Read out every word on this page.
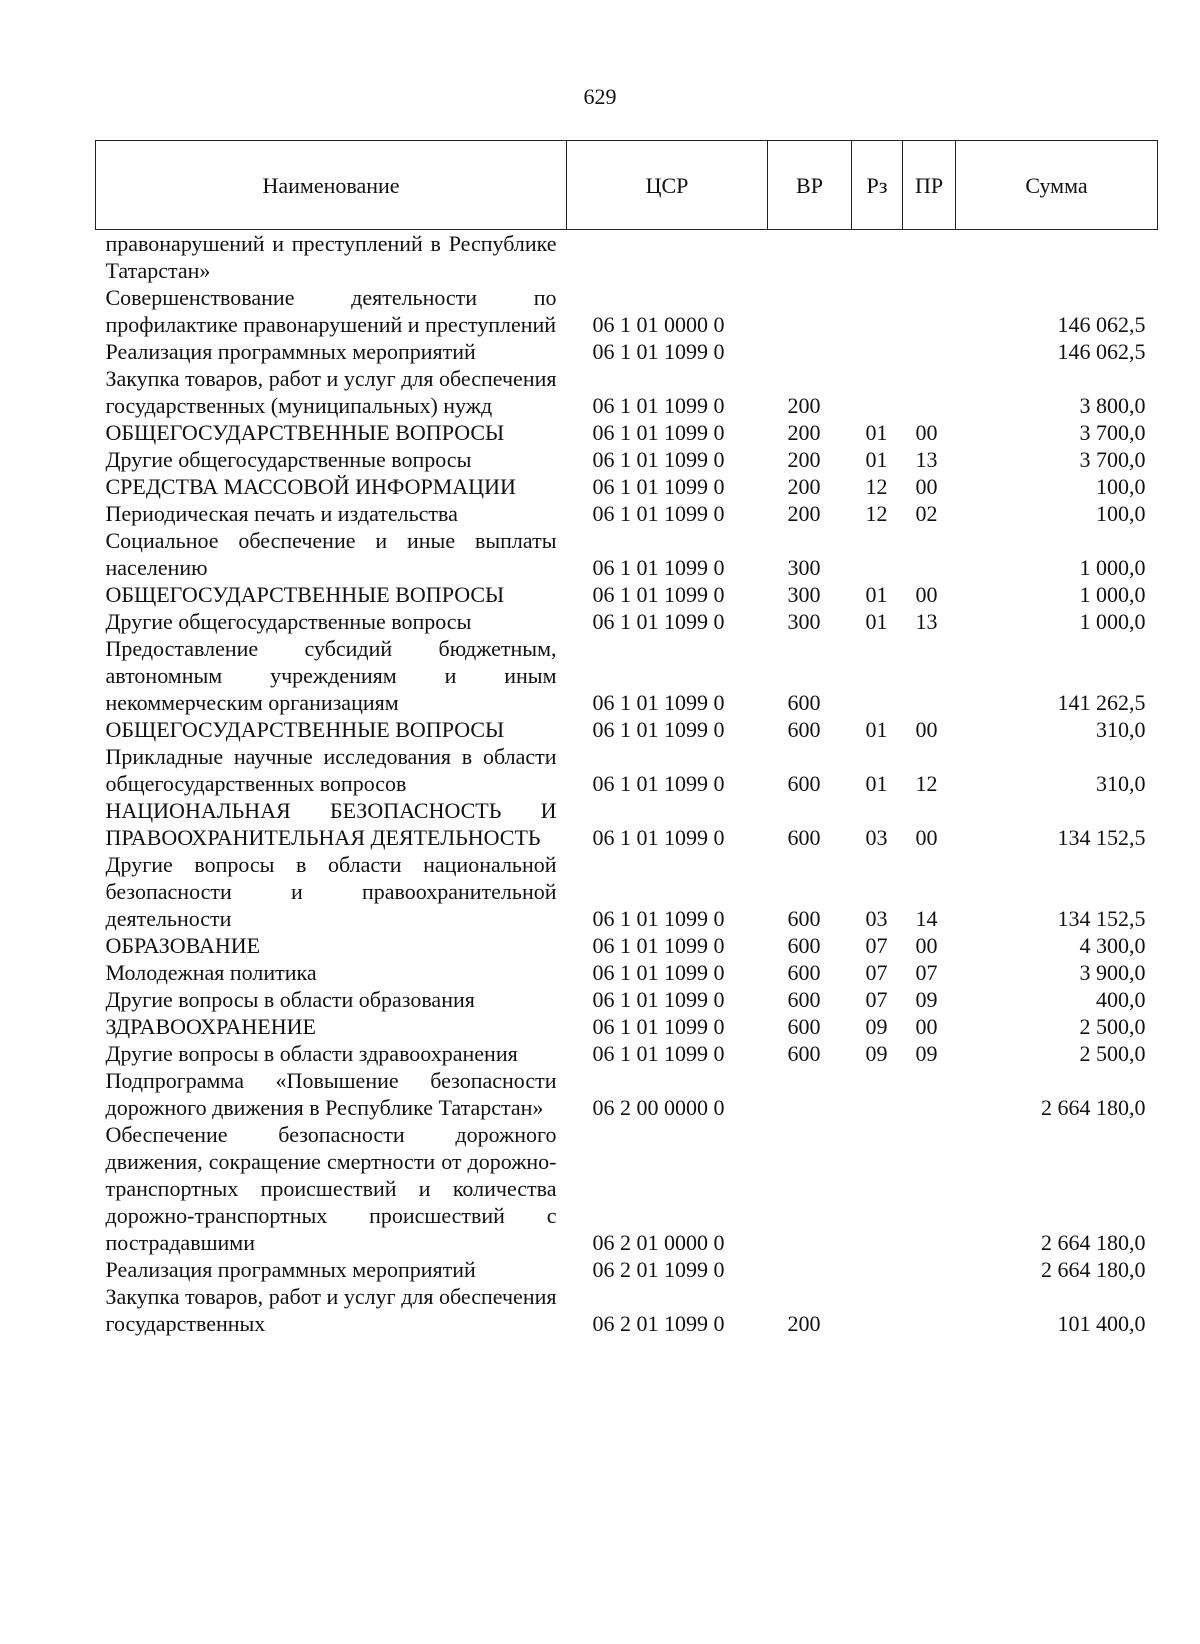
629
Наименование	ЦСР	ВР	Рз	ПР	Сумма
правонарушений и преступлений в Республике Татарстан»					
Совершенствование деятельности по профилактике правонарушений и преступлений	06 1 01 0000 0				146 062,5
Реализация программных мероприятий	06 1 01 1099 0				146 062,5
Закупка товаров, работ и услуг для обеспечения государственных (муниципальных) нужд	06 1 01 1099 0	200			3 800,0
ОБЩЕГОСУДАРСТВЕННЫЕ ВОПРОСЫ	06 1 01 1099 0	200	01	00	3 700,0
Другие общегосударственные вопросы	06 1 01 1099 0	200	01	13	3 700,0
СРЕДСТВА МАССОВОЙ ИНФОРМАЦИИ	06 1 01 1099 0	200	12	00	100,0
Периодическая печать и издательства	06 1 01 1099 0	200	12	02	100,0
Социальное обеспечение и иные выплаты населению	06 1 01 1099 0	300			1 000,0
ОБЩЕГОСУДАРСТВЕННЫЕ ВОПРОСЫ	06 1 01 1099 0	300	01	00	1 000,0
Другие общегосударственные вопросы	06 1 01 1099 0	300	01	13	1 000,0
Предоставление субсидий бюджетным, автономным учреждениям и иным некоммерческим организациям	06 1 01 1099 0	600			141 262,5
ОБЩЕГОСУДАРСТВЕННЫЕ ВОПРОСЫ	06 1 01 1099 0	600	01	00	310,0
Прикладные научные исследования в области общегосударственных вопросов	06 1 01 1099 0	600	01	12	310,0
НАЦИОНАЛЬНАЯ БЕЗОПАСНОСТЬ И ПРАВООХРАНИТЕЛЬНАЯ ДЕЯТЕЛЬНОСТЬ	06 1 01 1099 0	600	03	00	134 152,5
Другие вопросы в области национальной безопасности и правоохранительной деятельности	06 1 01 1099 0	600	03	14	134 152,5
ОБРАЗОВАНИЕ	06 1 01 1099 0	600	07	00	4 300,0
Молодежная политика	06 1 01 1099 0	600	07	07	3 900,0
Другие вопросы в области образования	06 1 01 1099 0	600	07	09	400,0
ЗДРАВООХРАНЕНИЕ	06 1 01 1099 0	600	09	00	2 500,0
Другие вопросы в области здравоохранения	06 1 01 1099 0	600	09	09	2 500,0
Подпрограмма «Повышение безопасности дорожного движения в Республике Татарстан»	06 2 00 0000 0				2 664 180,0
Обеспечение безопасности дорожного движения, сокращение смертности от дорожно-транспортных происшествий и количества дорожно-транспортных происшествий с пострадавшими	06 2 01 0000 0				2 664 180,0
Реализация программных мероприятий	06 2 01 1099 0				2 664 180,0
Закупка товаров, работ и услуг для обеспечения государственных	06 2 01 1099 0	200			101 400,0
